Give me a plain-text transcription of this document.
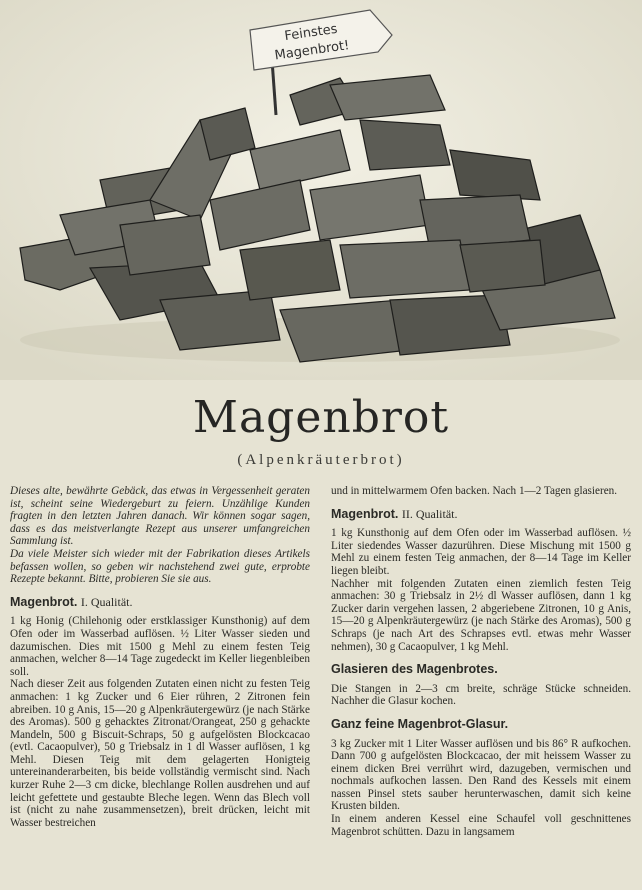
Feinstes
Magenbrot!
Magenbrot
(Alpenkräuterbrot)

Dieses alte, bewährte Gebäck, das etwas in Vergessenheit geraten ist, scheint seine Wiedergeburt zu feiern. Unzählige Kunden fragten in den letzten Jahren danach. Wir können sogar sagen, dass es das meistverlangte Rezept aus unserer umfangreichen Sammlung ist.

Da viele Meister sich wieder mit der Fabrikation dieses Artikels befassen wollen, so geben wir nachstehend zwei gute, erprobte Rezepte bekannt. Bitte, probieren Sie sie aus.

Magenbrot. I. Qualität.

1 kg Honig (Chilehonig oder erstklassiger Kunsthonig) auf dem Ofen oder im Wasserbad auflösen. ½ Liter Wasser sieden und dazumischen. Dies mit 1500 g Mehl zu einem festen Teig anmachen, welcher 8—14 Tage zugedeckt im Keller liegenbleiben soll.

Nach dieser Zeit aus folgenden Zutaten einen nicht zu festen Teig anmachen: 1 kg Zucker und 6 Eier rühren, 2 Zitronen fein abreiben. 10 g Anis, 15—20 g Alpenkräutergewürz (je nach Stärke des Aromas). 500 g gehacktes Zitronat/Orangeat, 250 g gehackte Mandeln, 500 g Biscuit-Schraps, 50 g aufgelösten Blockcacao (evtl. Cacaopulver), 50 g Triebsalz in 1 dl Wasser auflösen, 1 kg Mehl. Diesen Teig mit dem gelagerten Honigteig untereinanderarbeiten, bis beide vollständig vermischt sind. Nach kurzer Ruhe 2—3 cm dicke, blechlange Rollen ausdrehen und auf leicht gefettete und gestaubte Bleche legen. Wenn das Blech voll ist (nicht zu nahe zusammensetzen), breit drücken, leicht mit Wasser bestreichen

und in mittelwarmem Ofen backen. Nach 1—2 Tagen glasieren.

Magenbrot. II. Qualität.

1 kg Kunsthonig auf dem Ofen oder im Wasserbad auflösen. ½ Liter siedendes Wasser dazurühren. Diese Mischung mit 1500 g Mehl zu einem festen Teig anmachen, der 8—14 Tage im Keller liegen bleibt.

Nachher mit folgenden Zutaten einen ziemlich festen Teig anmachen: 30 g Triebsalz in 2½ dl Wasser auflösen, dann 1 kg Zucker darin vergehen lassen, 2 abgeriebene Zitronen, 10 g Anis, 15—20 g Alpenkräutergewürz (je nach Stärke des Aromas), 500 g Schraps (je nach Art des Schrapses evtl. etwas mehr Wasser nehmen), 30 g Cacaopulver, 1 kg Mehl.

Glasieren des Magenbrotes.

Die Stangen in 2—3 cm breite, schräge Stücke schneiden. Nachher die Glasur kochen.

Ganz feine Magenbrot-Glasur.

3 kg Zucker mit 1 Liter Wasser auflösen und bis 86° R aufkochen. Dann 700 g aufgelösten Blockcacao, der mit heissem Wasser zu einem dicken Brei verrührt wird, dazugeben, vermischen und nochmals aufkochen lassen. Den Rand des Kessels mit einem nassen Pinsel stets sauber herunterwaschen, damit sich keine Krusten bilden.

In einem anderen Kessel eine Schaufel voll geschnittenes Magenbrot schütten. Dazu in langsamem
